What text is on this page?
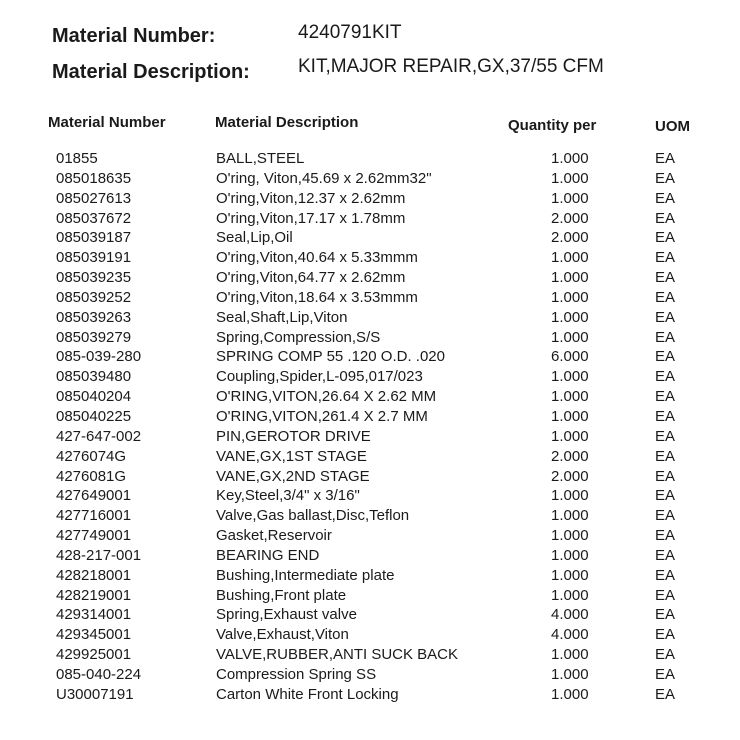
Material Number:	4240791KIT
Material Description:	KIT,MAJOR REPAIR,GX,37/55 CFM
Material Number	Material Description	Quantity per	UOM
01855	BALL,STEEL	1.000	EA
085018635	O'ring, Viton,45.69 x 2.62mm32"	1.000	EA
085027613	O'ring,Viton,12.37 x 2.62mm	1.000	EA
085037672	O'ring,Viton,17.17 x 1.78mm	2.000	EA
085039187	Seal,Lip,Oil	2.000	EA
085039191	O'ring,Viton,40.64 x 5.33mmm	1.000	EA
085039235	O'ring,Viton,64.77 x 2.62mm	1.000	EA
085039252	O'ring,Viton,18.64 x 3.53mmm	1.000	EA
085039263	Seal,Shaft,Lip,Viton	1.000	EA
085039279	Spring,Compression,S/S	1.000	EA
085-039-280	SPRING COMP 55 .120 O.D. .020	6.000	EA
085039480	Coupling,Spider,L-095,017/023	1.000	EA
085040204	O'RING,VITON,26.64 X 2.62 MM	1.000	EA
085040225	O'RING,VITON,261.4 X 2.7 MM	1.000	EA
427-647-002	PIN,GEROTOR DRIVE	1.000	EA
4276074G	VANE,GX,1ST STAGE	2.000	EA
4276081G	VANE,GX,2ND STAGE	2.000	EA
427649001	Key,Steel,3/4" x 3/16"	1.000	EA
427716001	Valve,Gas ballast,Disc,Teflon	1.000	EA
427749001	Gasket,Reservoir	1.000	EA
428-217-001	BEARING END	1.000	EA
428218001	Bushing,Intermediate plate	1.000	EA
428219001	Bushing,Front plate	1.000	EA
429314001	Spring,Exhaust valve	4.000	EA
429345001	Valve,Exhaust,Viton	4.000	EA
429925001	VALVE,RUBBER,ANTI SUCK BACK	1.000	EA
085-040-224	Compression Spring SS	1.000	EA
U30007191	Carton White Front Locking	1.000	EA
